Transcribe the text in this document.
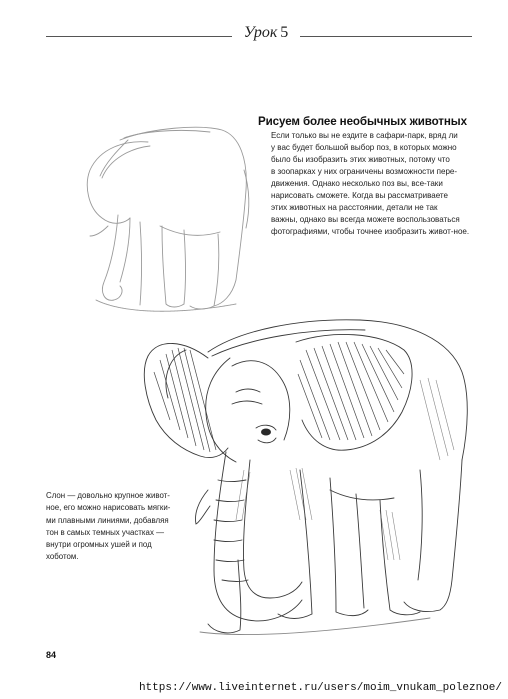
Урок 5
Рисуем более необычных животных
Если только вы не ездите в сафари-парк, вряд ли
у вас будет большой выбор поз, в которых можно
было бы изобразить этих животных, потому что
в зоопарках у них ограничены возможности пере-
движения. Однако несколько поз вы, все-таки
нарисовать сможете. Когда вы рассматриваете
этих животных на расстоянии, детали не так
важны, однако вы всегда можете воспользоваться
фотографиями, чтобы точнее изобразить живот-ное.
Слон — довольно крупное живот-
ное, его можно нарисовать мягки-
ми плавными линиями, добавляя
тон в самых темных участках —
внутри огромных ушей и под
хоботом.
84
https://www.liveinternet.ru/users/moim_vnukam_poleznoe/
